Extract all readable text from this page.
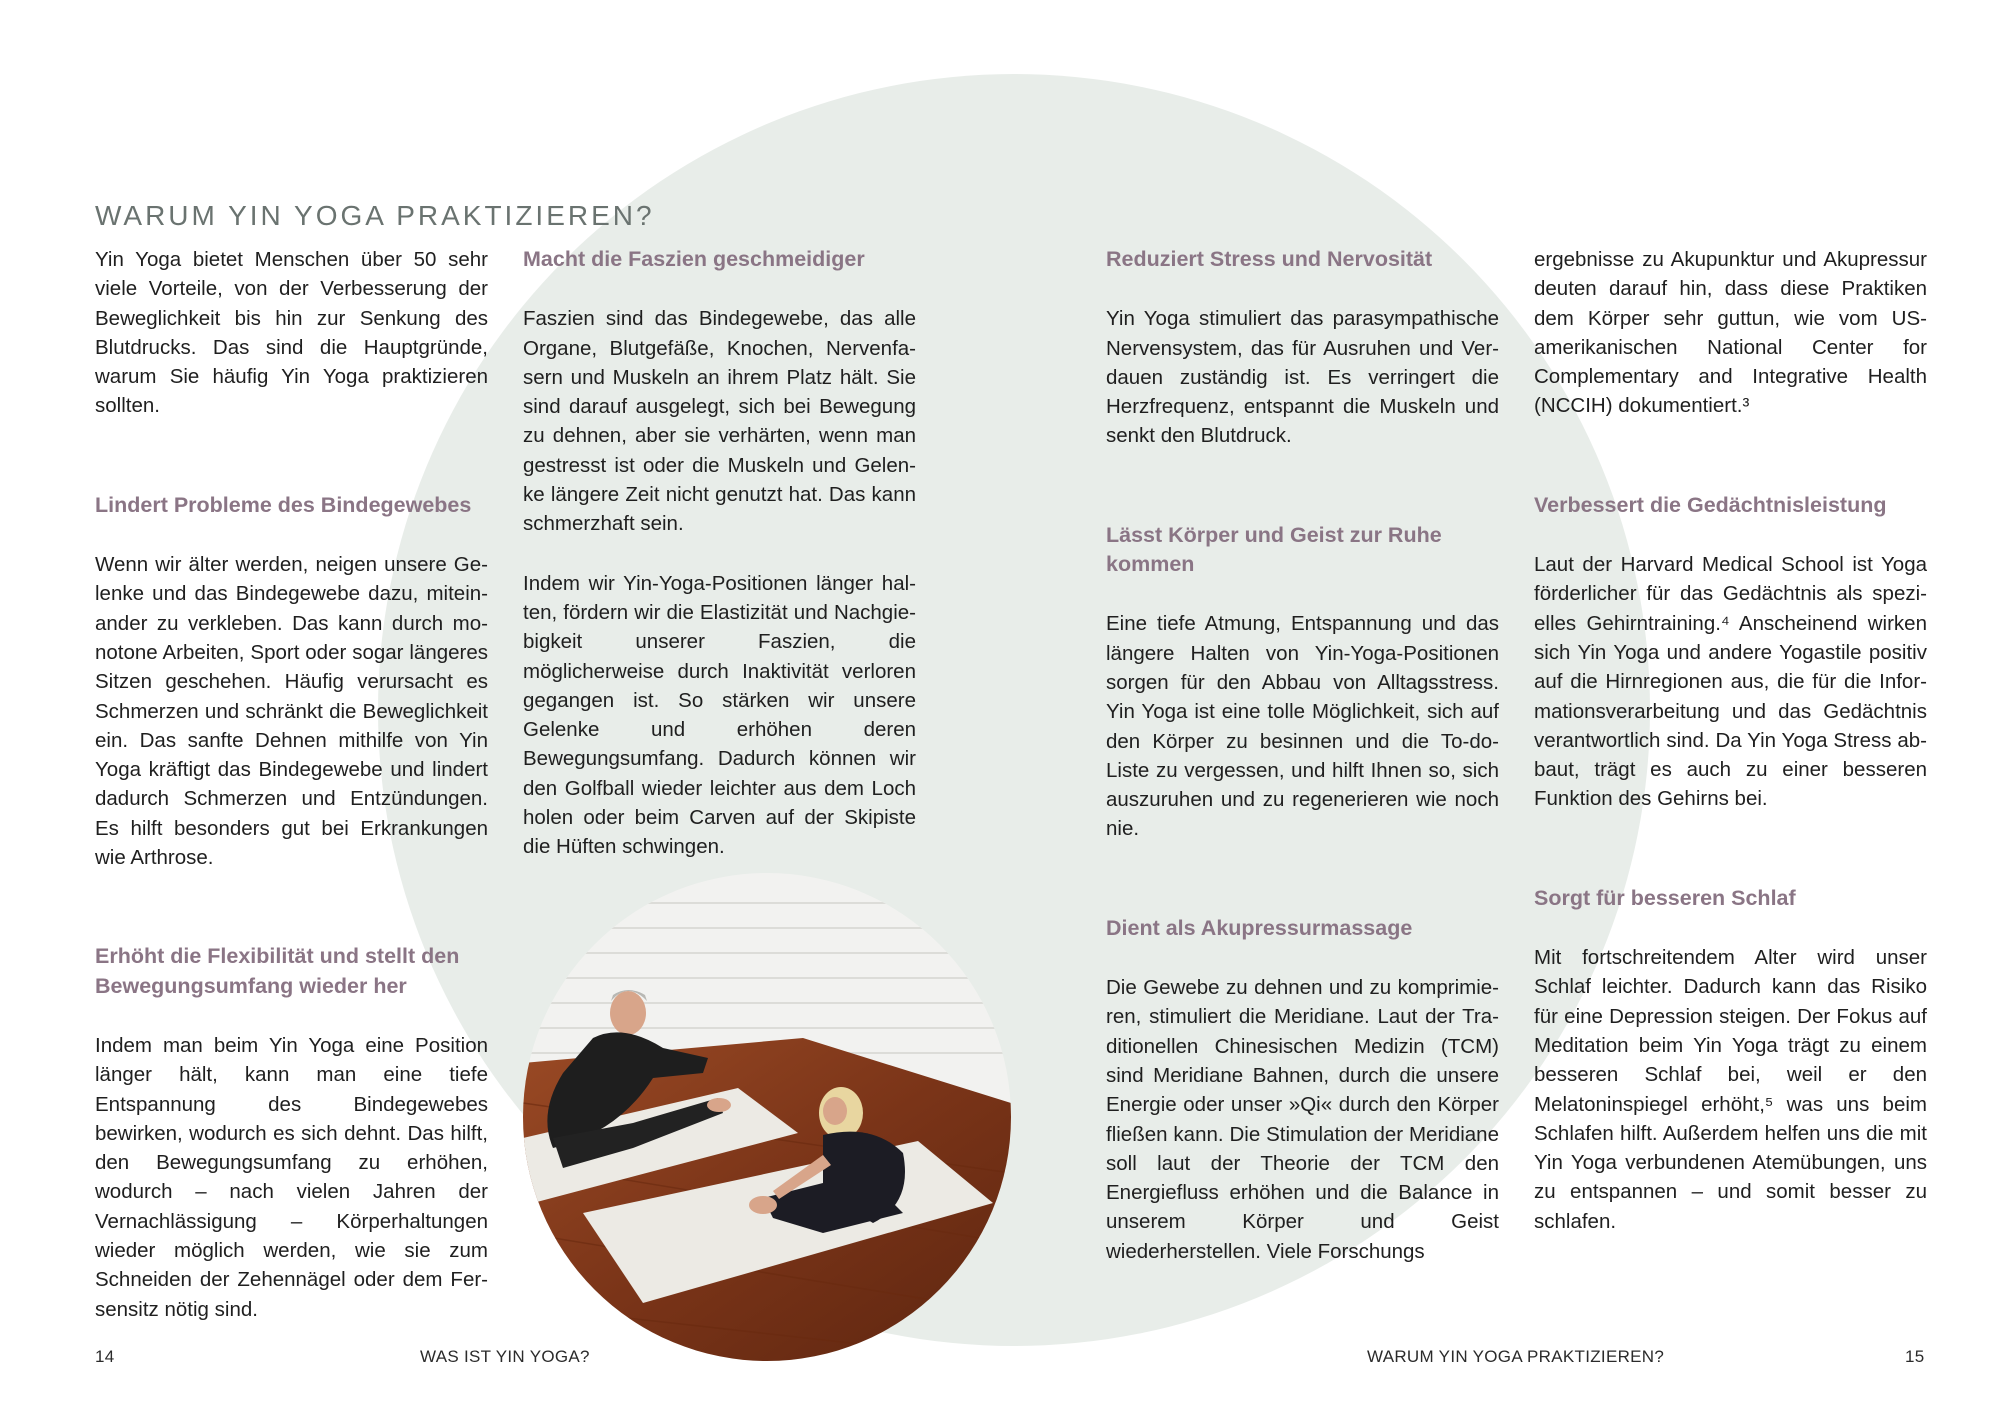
WARUM YIN YOGA PRAKTIZIEREN?

Yin Yoga bietet Menschen über 50 sehr viele Vorteile, von der Verbesserung der Beweglichkeit bis hin zur Senkung des Blutdrucks. Das sind die Hauptgründe, warum Sie häufig Yin Yoga praktizieren sollten.

Lindert Probleme des Bindegewebes

Wenn wir älter werden, neigen unsere Gelenke und das Bindegewebe dazu, miteinander zu verkleben. Das kann durch monotone Arbeiten, Sport oder sogar längeres Sitzen geschehen. Häufig verursacht es Schmerzen und schränkt die Beweglichkeit ein. Das sanfte Dehnen mithilfe von Yin Yoga kräftigt das Bindegewebe und lindert dadurch Schmerzen und Entzündungen. Es hilft besonders gut bei Erkrankungen wie Arthrose.

Erhöht die Flexibilität und stellt den Bewegungsumfang wieder her

Indem man beim Yin Yoga eine Position länger hält, kann man eine tiefe Entspannung des Bindegewebes bewirken, wodurch es sich dehnt. Das hilft, den Bewegungsumfang zu erhöhen, wodurch – nach vielen Jahren der Vernachlässigung – Körperhaltungen wieder möglich werden, wie sie zum Schneiden der Zehennägel oder dem Fersensitz nötig sind.

Macht die Faszien geschmeidiger

Faszien sind das Bindegewebe, das alle Organe, Blutgefäße, Knochen, Nervenfasern und Muskeln an ihrem Platz hält. Sie sind darauf ausgelegt, sich bei Bewegung zu dehnen, aber sie verhärten, wenn man gestresst ist oder die Muskeln und Gelenke längere Zeit nicht genutzt hat. Das kann schmerzhaft sein.

Indem wir Yin-Yoga-Positionen länger halten, fördern wir die Elastizität und Nachgiebigkeit unserer Faszien, die möglicherweise durch Inaktivität verloren gegangen ist. So stärken wir unsere Gelenke und erhöhen deren Bewegungsumfang. Dadurch können wir den Golfball wieder leichter aus dem Loch holen oder beim Carven auf der Skipiste die Hüften schwingen.

Reduziert Stress und Nervosität

Yin Yoga stimuliert das parasympathische Nervensystem, das für Ausruhen und Verdauen zuständig ist. Es verringert die Herzfrequenz, entspannt die Muskeln und senkt den Blutdruck.

Lässt Körper und Geist zur Ruhe kommen

Eine tiefe Atmung, Entspannung und das längere Halten von Yin-Yoga-Positionen sorgen für den Abbau von Alltagsstress. Yin Yoga ist eine tolle Möglichkeit, sich auf den Körper zu besinnen und die To-do-Liste zu vergessen, und hilft Ihnen so, sich auszuruhen und zu regenerieren wie noch nie.

Dient als Akupressurmassage

Die Gewebe zu dehnen und zu komprimieren, stimuliert die Meridiane. Laut der Traditionellen Chinesischen Medizin (TCM) sind Meridiane Bahnen, durch die unsere Energie oder unser »Qi« durch den Körper fließen kann. Die Stimulation der Meridiane soll laut der Theorie der TCM den Energiefluss erhöhen und die Balance in unserem Körper und Geist wiederherstellen. Viele Forschungs

ergebnisse zu Akupunktur und Akupressur deuten darauf hin, dass diese Praktiken dem Körper sehr guttun, wie vom US-amerikanischen National Center for Complementary and Integrative Health (NCCIH) dokumentiert.³

Verbessert die Gedächtnisleistung

Laut der Harvard Medical School ist Yoga förderlicher für das Gedächtnis als spezielles Gehirntraining.⁴ Anscheinend wirken sich Yin Yoga und andere Yogastile positiv auf die Hirnregionen aus, die für die Informationsverarbeitung und das Gedächtnis verantwortlich sind. Da Yin Yoga Stress abbaut, trägt es auch zu einer besseren Funktion des Gehirns bei.

Sorgt für besseren Schlaf

Mit fortschreitendem Alter wird unser Schlaf leichter. Dadurch kann das Risiko für eine Depression steigen. Der Fokus auf Meditation beim Yin Yoga trägt zu einem besseren Schlaf bei, weil er den Melatoninspiegel erhöht,⁵ was uns beim Schlafen hilft. Außerdem helfen uns die mit Yin Yoga verbundenen Atemübungen, uns zu entspannen – und somit besser zu schlafen.

14	WAS IST YIN YOGA?	WARUM YIN YOGA PRAKTIZIEREN?	15
